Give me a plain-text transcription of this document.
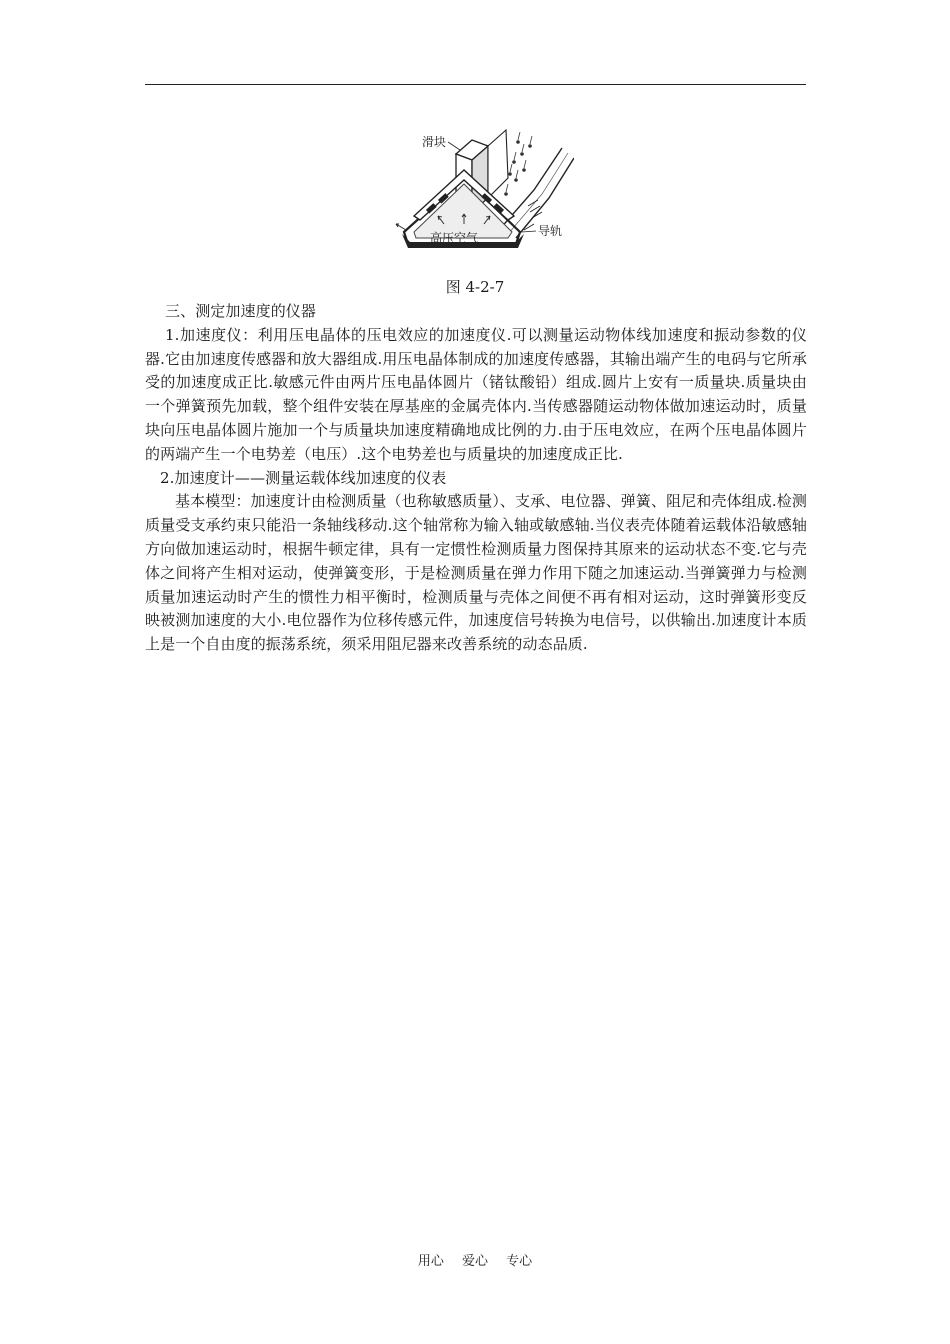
滑块
高压空气	导轨
图 4-2-7

三、测定加速度的仪器

1.加速度仪：利用压电晶体的压电效应的加速度仪.可以测量运动物体线加速度和振动参数的仪器.它由加速度传感器和放大器组成.用压电晶体制成的加速度传感器，其输出端产生的电码与它所承受的加速度成正比.敏感元件由两片压电晶体圆片（锗钛酸铅）组成.圆片上安有一质量块.质量块由一个弹簧预先加载，整个组件安装在厚基座的金属壳体内.当传感器随运动物体做加速运动时，质量块向压电晶体圆片施加一个与质量块加速度精确地成比例的力.由于压电效应，在两个压电晶体圆片的两端产生一个电势差（电压）.这个电势差也与质量块的加速度成正比.

2.加速度计——测量运载体线加速度的仪表

基本模型：加速度计由检测质量（也称敏感质量）、支承、电位器、弹簧、阻尼和壳体组成.检测质量受支承约束只能沿一条轴线移动.这个轴常称为输入轴或敏感轴.当仪表壳体随着运载体沿敏感轴方向做加速运动时，根据牛顿定律，具有一定惯性检测质量力图保持其原来的运动状态不变.它与壳体之间将产生相对运动，使弹簧变形，于是检测质量在弹力作用下随之加速运动.当弹簧弹力与检测质量加速运动时产生的惯性力相平衡时，检测质量与壳体之间便不再有相对运动，这时弹簧形变反映被测加速度的大小.电位器作为位移传感元件，加速度信号转换为电信号，以供输出.加速度计本质上是一个自由度的振荡系统，须采用阻尼器来改善系统的动态品质.

用心 爱心 专心
